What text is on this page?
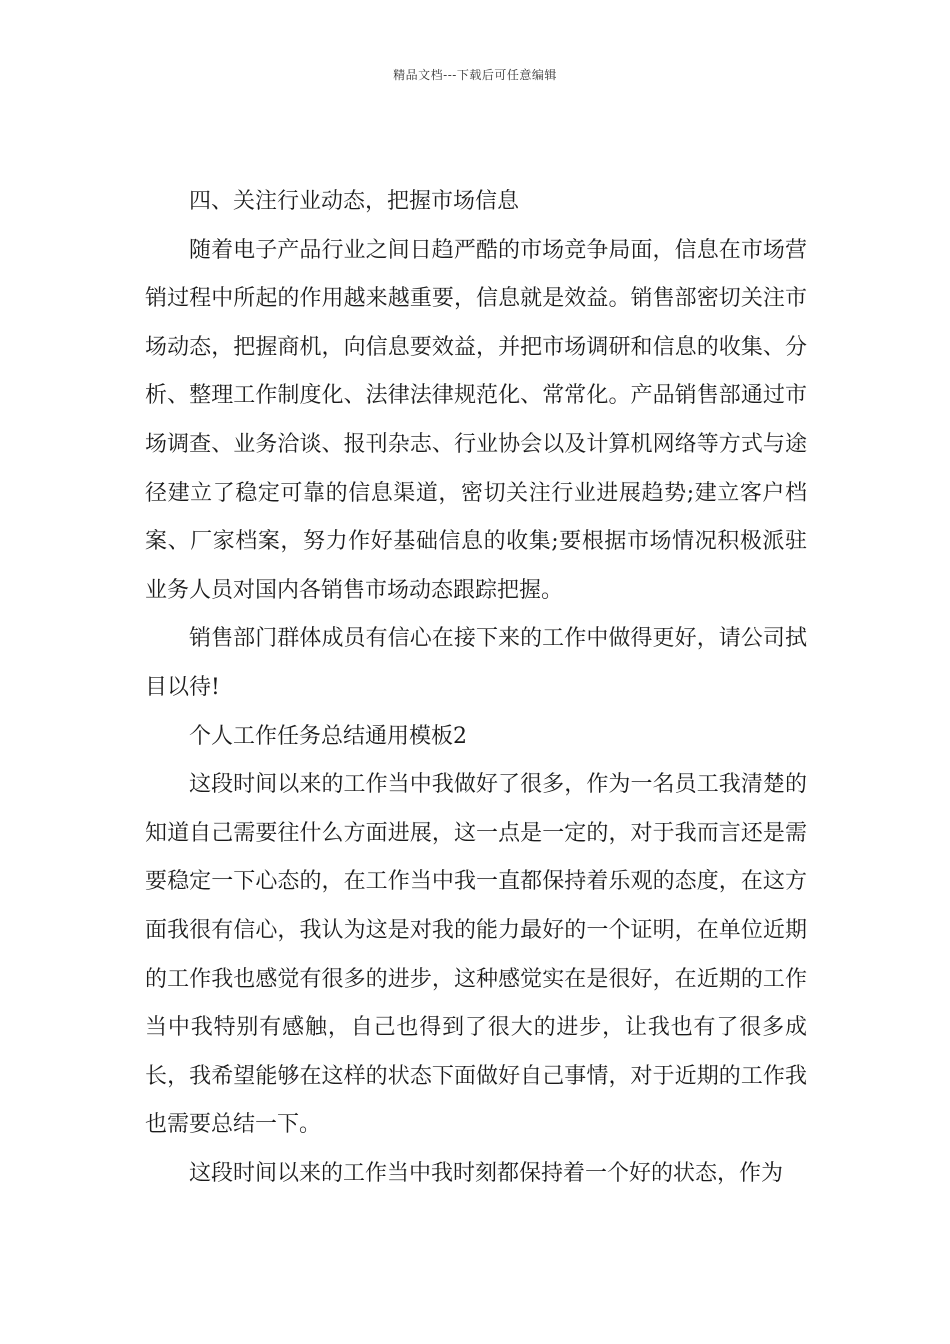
精品文档---下载后可任意编辑

四、关注行业动态，把握市场信息

随着电子产品行业之间日趋严酷的市场竞争局面，信息在市场营销过程中所起的作用越来越重要，信息就是效益。销售部密切关注市场动态，把握商机，向信息要效益，并把市场调研和信息的收集、分析、整理工作制度化、法律法律规范化、常常化。产品销售部通过市场调查、业务洽谈、报刊杂志、行业协会以及计算机网络等方式与途径建立了稳定可靠的信息渠道，密切关注行业进展趋势;建立客户档案、厂家档案，努力作好基础信息的收集;要根据市场情况积极派驻业务人员对国内各销售市场动态跟踪把握。

销售部门群体成员有信心在接下来的工作中做得更好，请公司拭目以待!

个人工作任务总结通用模板2

这段时间以来的工作当中我做好了很多，作为一名员工我清楚的知道自己需要往什么方面进展，这一点是一定的，对于我而言还是需要稳定一下心态的，在工作当中我一直都保持着乐观的态度，在这方面我很有信心，我认为这是对我的能力最好的一个证明，在单位近期的工作我也感觉有很多的进步，这种感觉实在是很好，在近期的工作当中我特别有感触，自己也得到了很大的进步，让我也有了很多成长，我希望能够在这样的状态下面做好自己事情，对于近期的工作我也需要总结一下。

这段时间以来的工作当中我时刻都保持着一个好的状态，作为
